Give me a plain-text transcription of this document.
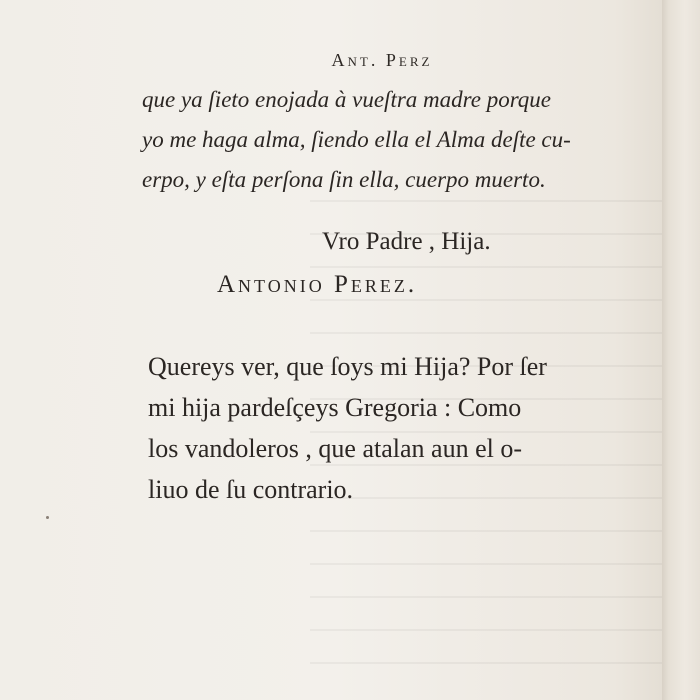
Ant. Perz
que ya ſieto enojada à vueſtra madre porque
yo me haga alma, ſiendo ella el Alma deſte cu-
erpo, y eſta perſona ſin ella, cuerpo muerto.
Vro Padre , Hija.
Antonio Perez.
Quereys ver, que ſoys mi Hija? Por ſer
mi hija pardeſçeys Gregoria : Como
los vandoleros , que atalan aun el o-
liuo de ſu contrario.
